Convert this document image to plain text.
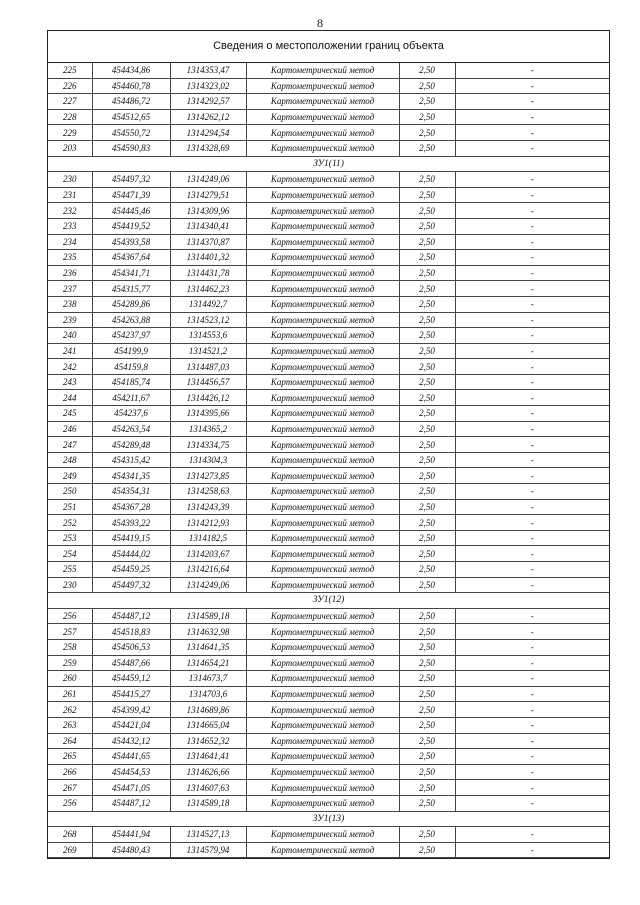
8
Сведения о местоположении границ объекта
225	454434,86	1314353,47	Картометрический метод	2,50	-
226	454460,78	1314323,02	Картометрический метод	2,50	-
227	454486,72	1314292,57	Картометрический метод	2,50	-
228	454512,65	1314262,12	Картометрический метод	2,50	-
229	454550,72	1314294,54	Картометрический метод	2,50	-
203	454590,83	1314328,69	Картометрический метод	2,50	-
ЗУ1(11)					
230	454497,32	1314249,06	Картометрический метод	2,50	-
231	454471,39	1314279,51	Картометрический метод	2,50	-
232	454445,46	1314309,96	Картометрический метод	2,50	-
233	454419,52	1314340,41	Картометрический метод	2,50	-
234	454393,58	1314370,87	Картометрический метод	2,50	-
235	454367,64	1314401,32	Картометрический метод	2,50	-
236	454341,71	1314431,78	Картометрический метод	2,50	-
237	454315,77	1314462,23	Картометрический метод	2,50	-
238	454289,86	1314492,7	Картометрический метод	2,50	-
239	454263,88	1314523,12	Картометрический метод	2,50	-
240	454237,97	1314553,6	Картометрический метод	2,50	-
241	454199,9	1314521,2	Картометрический метод	2,50	-
242	454159,8	1314487,03	Картометрический метод	2,50	-
243	454185,74	1314456,57	Картометрический метод	2,50	-
244	454211,67	1314426,12	Картометрический метод	2,50	-
245	454237,6	1314395,66	Картометрический метод	2,50	-
246	454263,54	1314365,2	Картометрический метод	2,50	-
247	454289,48	1314334,75	Картометрический метод	2,50	-
248	454315,42	1314304,3	Картометрический метод	2,50	-
249	454341,35	1314273,85	Картометрический метод	2,50	-
250	454354,31	1314258,63	Картометрический метод	2,50	-
251	454367,28	1314243,39	Картометрический метод	2,50	-
252	454393,22	1314212,93	Картометрический метод	2,50	-
253	454419,15	1314182,5	Картометрический метод	2,50	-
254	454444,02	1314203,67	Картометрический метод	2,50	-
255	454459,25	1314216,64	Картометрический метод	2,50	-
230	454497,32	1314249,06	Картометрический метод	2,50	-
ЗУ1(12)					
256	454487,12	1314589,18	Картометрический метод	2,50	-
257	454518,83	1314632,98	Картометрический метод	2,50	-
258	454506,53	1314641,35	Картометрический метод	2,50	-
259	454487,66	1314654,21	Картометрический метод	2,50	-
260	454459,12	1314673,7	Картометрический метод	2,50	-
261	454415,27	1314703,6	Картометрический метод	2,50	-
262	454399,42	1314689,86	Картометрический метод	2,50	-
263	454421,04	1314665,04	Картометрический метод	2,50	-
264	454432,12	1314652,32	Картометрический метод	2,50	-
265	454441,65	1314641,41	Картометрический метод	2,50	-
266	454454,53	1314626,66	Картометрический метод	2,50	-
267	454471,05	1314607,63	Картометрический метод	2,50	-
256	454487,12	1314589,18	Картометрический метод	2,50	-
ЗУ1(13)					
268	454441,94	1314527,13	Картометрический метод	2,50	-
269	454480,43	1314579,94	Картометрический метод	2,50	-
